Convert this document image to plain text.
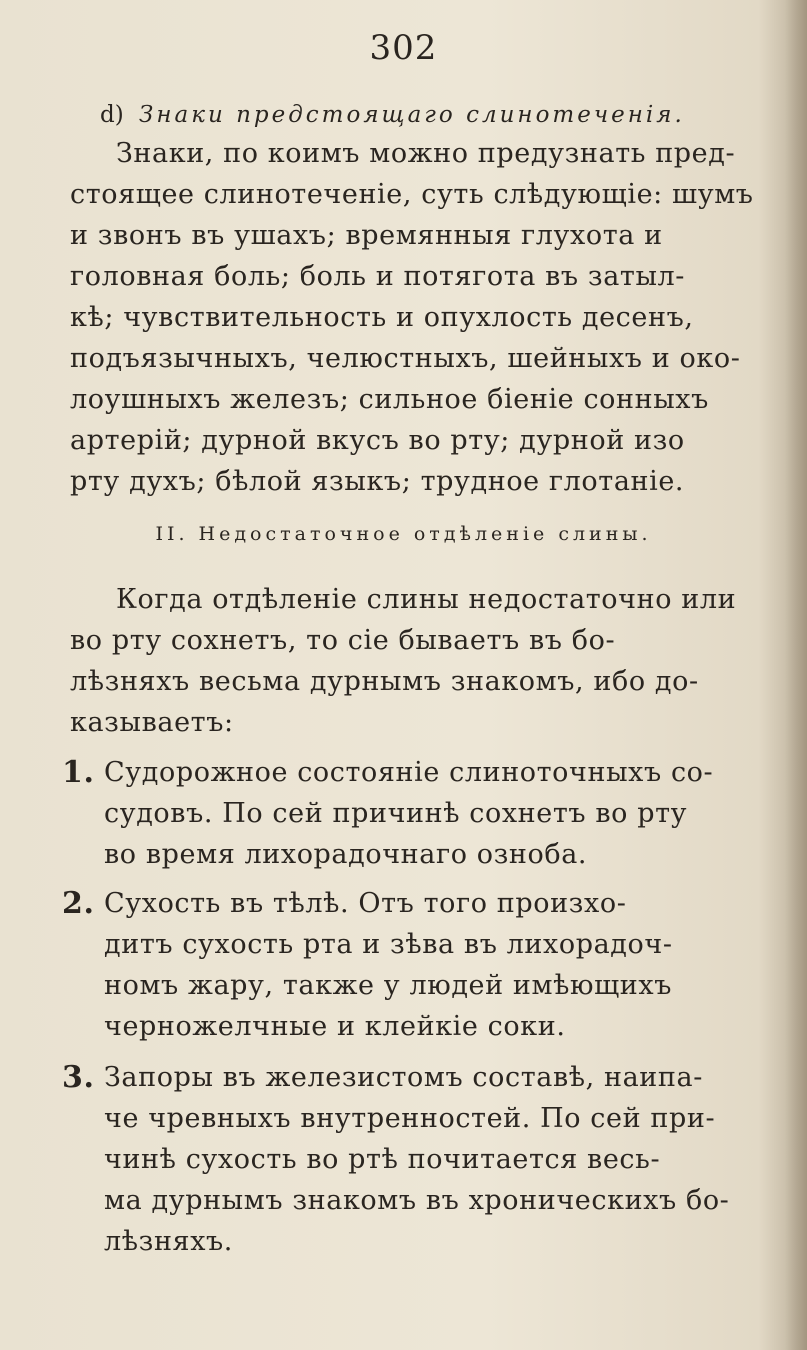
302
d) Знаки предстоящаго слинотеченія.
Знаки, по коимъ можно предузнать пред-
стоящее слинотеченіе, суть слѣдующіе: шумъ
и звонъ въ ушахъ; времянныя глухота и
головная боль; боль и потягота въ затыл-
кѣ; чувствительность и опухлость десенъ,
подъязычныхъ, челюстныхъ, шейныхъ и око-
лоушныхъ железъ; сильное біеніе сонныхъ
артерій; дурной вкусъ во рту; дурной изо
рту духъ; бѣлой языкъ; трудное глотаніе.
II. Недостаточное отдѣленіе слины.
Когда отдѣленіе слины недостаточно или
во рту сохнетъ, то сіе бываетъ въ бо-
лѣзняхъ весьма дурнымъ знакомъ, ибо до-
казываетъ:
1. Судорожное состояніе слиноточныхъ со-
судовъ. По сей причинѣ сохнетъ во рту
во время лихорадочнаго озноба.
2. Сухость въ тѣлѣ. Отъ того произхо-
дитъ сухость рта и зѣва въ лихорадоч-
номъ жару, также у людей имѣющихъ
черножелчные и клейкіе соки.
3. Запоры въ железистомъ составѣ, наипа-
че чревныхъ внутренностей. По сей при-
чинѣ сухость во ртѣ почитается весь-
ма дурнымъ знакомъ въ хроническихъ бо-
лѣзняхъ.
